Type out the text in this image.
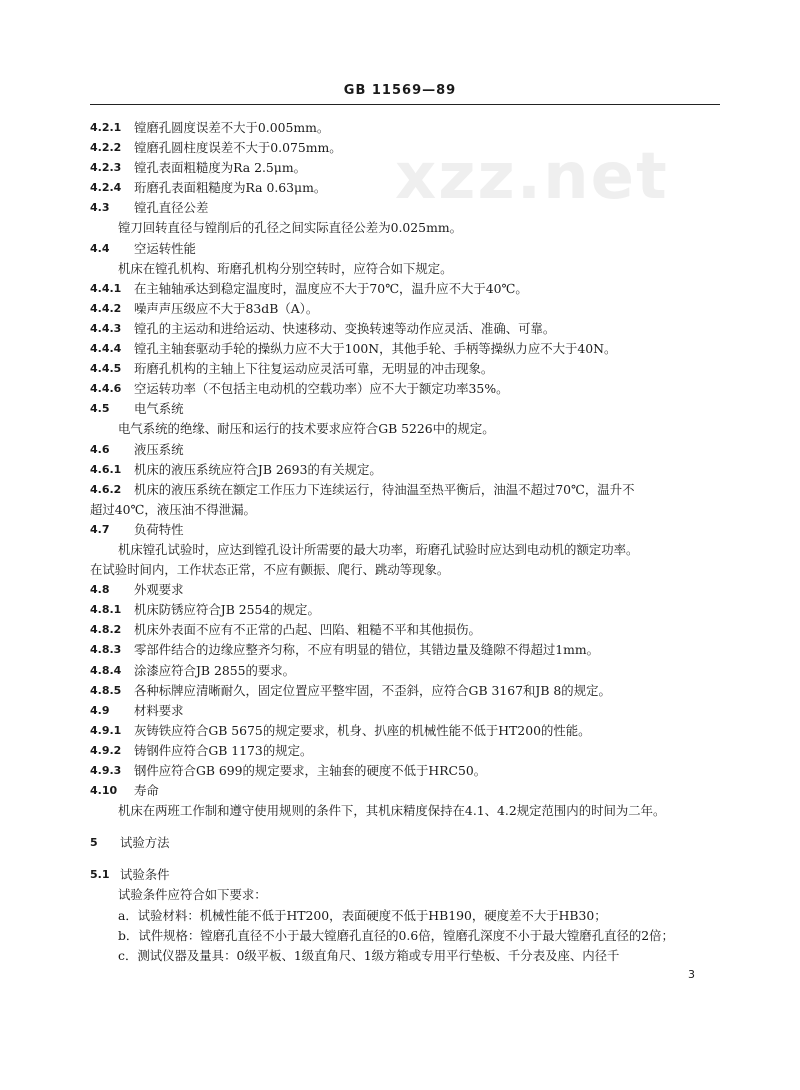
GB 11569—89
xzz.net
4.2.1	镗磨孔圆度误差不大于0.005mm。
4.2.2	镗磨孔圆柱度误差不大于0.075mm。
4.2.3	镗孔表面粗糙度为Ra 2.5μm。
4.2.4	珩磨孔表面粗糙度为Ra 0.63μm。
4.3	镗孔直径公差
镗刀回转直径与镗削后的孔径之间实际直径公差为0.025mm。
4.4	空运转性能
机床在镗孔机构、珩磨孔机构分别空转时，应符合如下规定。
4.4.1	在主轴轴承达到稳定温度时，温度应不大于70℃，温升应不大于40℃。
4.4.2	噪声声压级应不大于83dB（A）。
4.4.3	镗孔的主运动和进给运动、快速移动、变换转速等动作应灵活、准确、可靠。
4.4.4	镗孔主轴套驱动手轮的操纵力应不大于100N，其他手轮、手柄等操纵力应不大于40N。
4.4.5	珩磨孔机构的主轴上下往复运动应灵活可靠，无明显的冲击现象。
4.4.6	空运转功率（不包括主电动机的空载功率）应不大于额定功率35%。
4.5	电气系统
电气系统的绝缘、耐压和运行的技术要求应符合GB 5226中的规定。
4.6	液压系统
4.6.1	机床的液压系统应符合JB 2693的有关规定。
4.6.2	机床的液压系统在额定工作压力下连续运行，待油温至热平衡后，油温不超过70℃，温升不
超过40℃，液压油不得泄漏。
4.7	负荷特性
机床镗孔试验时，应达到镗孔设计所需要的最大功率，珩磨孔试验时应达到电动机的额定功率。
在试验时间内，工作状态正常，不应有颤振、爬行、跳动等现象。
4.8	外观要求
4.8.1	机床防锈应符合JB 2554的规定。
4.8.2	机床外表面不应有不正常的凸起、凹陷、粗糙不平和其他损伤。
4.8.3	零部件结合的边缘应整齐匀称，不应有明显的错位，其错边量及缝隙不得超过1mm。
4.8.4	涂漆应符合JB 2855的要求。
4.8.5	各种标牌应清晰耐久，固定位置应平整牢固，不歪斜，应符合GB 3167和JB 8的规定。
4.9	材料要求
4.9.1	灰铸铁应符合GB 5675的规定要求，机身、扒座的机械性能不低于HT200的性能。
4.9.2	铸钢件应符合GB 1173的规定。
4.9.3	钢件应符合GB 699的规定要求，主轴套的硬度不低于HRC50。
4.10	寿命
机床在两班工作制和遵守使用规则的条件下，其机床精度保持在4.1、4.2规定范围内的时间为二年。
5	试验方法
5.1 试验条件
试验条件应符合如下要求：
a．试验材料：机械性能不低于HT200，表面硬度不低于HB190，硬度差不大于HB30；
b．试件规格：镗磨孔直径不小于最大镗磨孔直径的0.6倍，镗磨孔深度不小于最大镗磨孔直径的2倍；
c．测试仪器及量具：0级平板、1级直角尺、1级方箱或专用平行垫板、千分表及座、内径千
3
